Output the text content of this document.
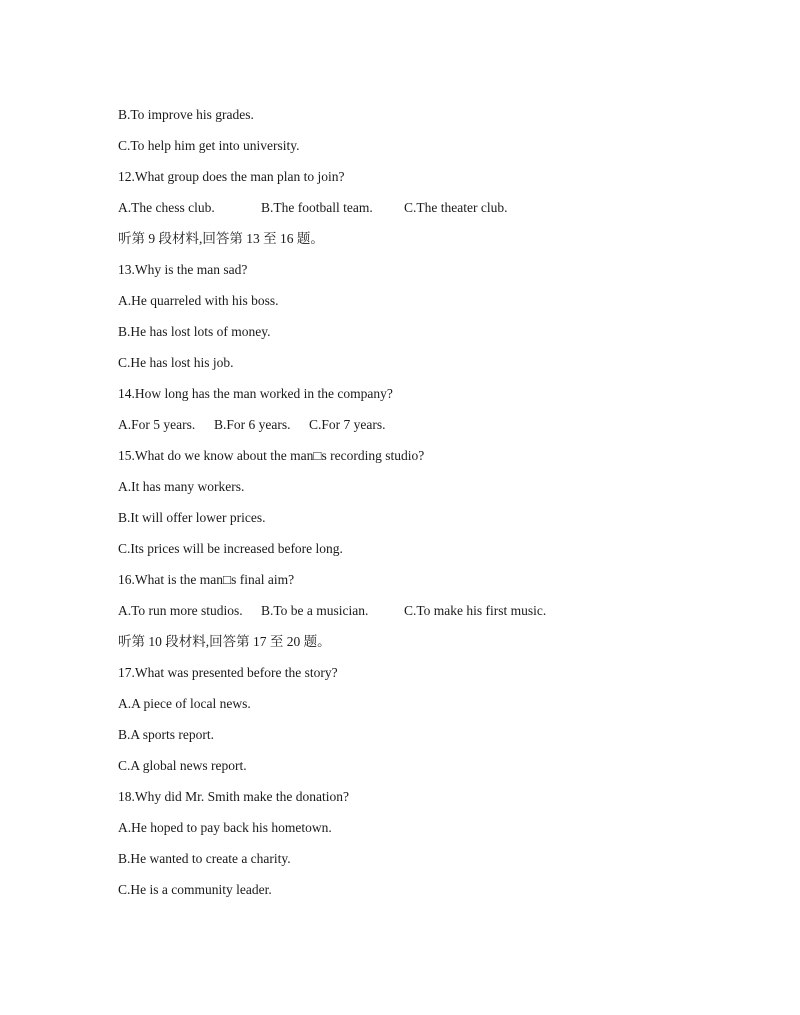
B.To improve his grades.
C.To help him get into university.
12.What group does the man plan to join?
A.The chess club.	B.The football team. C.The theater club.
听第 9 段材料,回答第 13 至 16 题。
13.Why is the man sad?
A.He quarreled with his boss.
B.He has lost lots of money.
C.He has lost his job.
14.How long has the man worked in the company?
A.For 5 years. B.For 6 years. C.For 7 years.
15.What do we know about the man□s recording studio?
A.It has many workers.
B.It will offer lower prices.
C.Its prices will be increased before long.
16.What is the man□s final aim?
A.To run more studios. B.To be a musician.	C.To make his first music.
听第 10 段材料,回答第 17 至 20 题。
17.What was presented before the story?
A.A piece of local news.
B.A sports report.
C.A global news report.
18.Why did Mr. Smith make the donation?
A.He hoped to pay back his hometown.
B.He wanted to create a charity.
C.He is a community leader.
